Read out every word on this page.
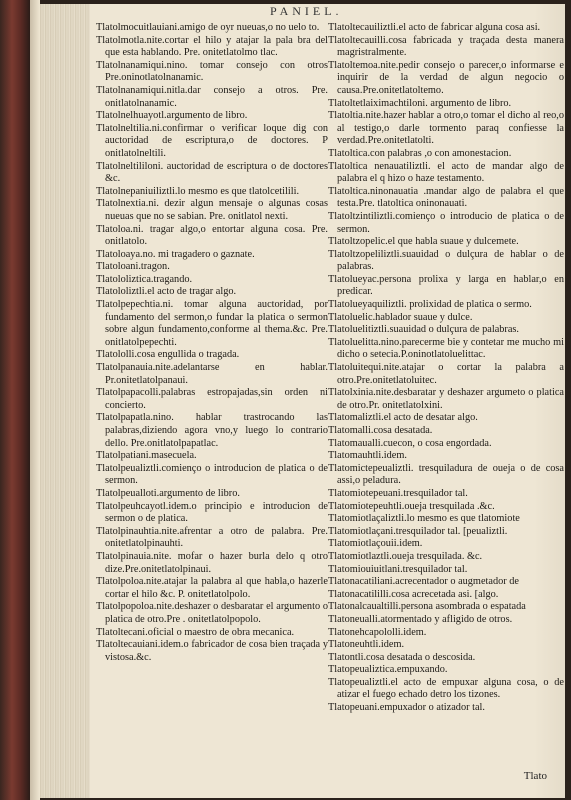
PANIEL.
Tlatolmocuitlauiani.amigo de oyr nueuas,o no uelo to.
Tlatolmotla.nite.cortar el hilo y atajar la pala bra del que esta hablando. Pre. onitetlatolmo tlac.
Tlatolnanamiqui.nino. tomar consejo con otros Pre.oninotlatolnanamic.
Tlatolnanamiqui.nitla.dar consejo a otros. Pre. onitlatolnanamic.
Tlatolnelhuayotl.argumento de libro.
Tlatolneltilia.ni.confirmar o verificar loque dig con auctoridad de escriptura,o de doctores. P onitlatolneltili.
Tlatolneltililoni. auctoridad de escriptura o de doctores &c.
Tlatolnepaniuiliztli.lo mesmo es que tlatolcetilili.
Tlatolnextia.ni. dezir algun mensaje o algunas cosas nueuas que no se sabian. Pre. onitlatol nexti.
Tlatoloa.ni. tragar algo,o entortar alguna cosa. Pre. onitlatolo.
Tlatoloaya.no. mi tragadero o gaznate.
Tlatoloani.tragon.
Tlatololiztica.tragando.
Tlatololiztli.el acto de tragar algo.
Tlatolpepechtia.ni. tomar alguna auctoridad, por fundamento del sermon,o fundar la platica o sermon sobre algun fundamento,conforme al thema.&c. Pre. onitlatolpepechti.
Tlatololli.cosa engullida o tragada.
Tlatolpanauia.nite.adelantarse en hablar. Pr.onitetlatolpanaui.
Tlatolpapacolli.palabras estropajadas,sin orden ni concierto.
Tlatolpapatla.nino. hablar trastrocando las palabras,diziendo agora vno,y luego lo contrario dello. Pre.onitlatolpapatlac.
Tlatolpatiani.masecuela.
Tlatolpeualiztli.comienço o introducion de platica o de sermon.
Tlatolpeualloti.argumento de libro.
Tlatolpeuhcayotl.idem.o principio e introducion de sermon o de platica.
Tlatolpinauhtia.nite.afrentar a otro de palabra. Pre. onitetlatolpinauhti.
Tlatolpinauia.nite. mofar o hazer burla delo q otro dize.Pre.onitetlatolpinaui.
Tlatolpoloa.nite.atajar la palabra al que habla,o hazerle cortar el hilo &c. P. onitetlatolpolo.
Tlatolpopoloa.nite.deshazer o desbaratar el argumento o platica de otro.Pre . onitetlatolpopolo.
Tlatoltecani.oficial o maestro de obra mecanica.
Tlatoltecauiani.idem.o fabricador de cosa bien traçada y vistosa.&c.
Tlatoltecauiliztli.el acto de fabricar alguna cosa asi.
Tlatoltecauilli.cosa fabricada y traçada desta manera magristralmente.
Tlatoltemoa.nite.pedir consejo o parecer,o informarse e inquirir de la verdad de algun negocio o causa.Pre.onitetlatoltemo.
Tlatoltetlaiximachtiloni. argumento de libro.
Tlatoltia.nite.hazer hablar a otro,o tomar el dicho al reo,o al testigo,o darle tormento paraq confiesse la verdad.Pre.onitetlatolti.
Tlatoltica.con palabras ,o con amonestacion.
Tlatoltica nenauatiliztli. el acto de mandar algo de palabra el q hizo o haze testamento.
Tlatoltica.ninonauatia .mandar algo de palabra el que testa.Pre. tlatoltica oninonauati.
Tlatoltzintiliztli.comienço o introducio de platica o de sermon.
Tlatoltzopelic.el que habla suaue y dulcemete.
Tlatoltzopeliliztli.suauidad o dulçura de hablar o de palabras.
Tlatolueyac.persona prolixa y larga en hablar,o en predicar.
Tlatolueyaquiliztli. prolixidad de platica o sermo.
Tlatoluelic.hablador suaue y dulce.
Tlatoluelitiztli.suauidad o dulçura de palabras.
Tlatoluelitta.nino.parecerme bie y contetar me mucho mi dicho o setecia.P.oninotlatoluelittac.
Tlatoluitequi.nite.atajar o cortar la palabra a otro.Pre.onitetlatoluitec.
Tlatolxinia.nite.desbaratar y deshazer argumeto o platica de otro.Pr. onitetlatolxini.
Tlatomaliztli.el acto de desatar algo.
Tlatomalli.cosa desatada.
Tlatomaualli.cuecon, o cosa engordada.
Tlatomauhtli.idem.
Tlatomictepeualiztli. tresquiladura de oueja o de cosa assi,o peladura.
Tlatomiotepeuani.tresquilador tal.
Tlatomiotepeuhtli.oueja tresquilada .&c.
Tlatomiotlaçaliztli.lo mesmo es que tlatomiote
Tlatomiotlaçani.tresquilador tal. [peualiztli.
Tlatomiotlaçouii.idem.
Tlatomiotlaztli.oueja tresquilada. &c.
Tlatomiouiuitlani.tresquilador tal.
Tlatonacatiliani.acrecentador o augmetador de
Tlatonacatililli.cosa acrecetada asi. [algo.
Tlatonalcaualtilli.persona asombrada o espatada
Tlatoneualli.atormentado y afligido de otros.
Tlatonehcapololli.idem.
Tlatoneuhtli.idem.
Tlatontli.cosa desatada o descosida.
Tlatopeualiztica.empuxando.
Tlatopeualiztli.el acto de empuxar alguna cosa, o de atizar el fuego echado detro los tizones.
Tlatopeuani.empuxador o atizador tal.
Tlato
